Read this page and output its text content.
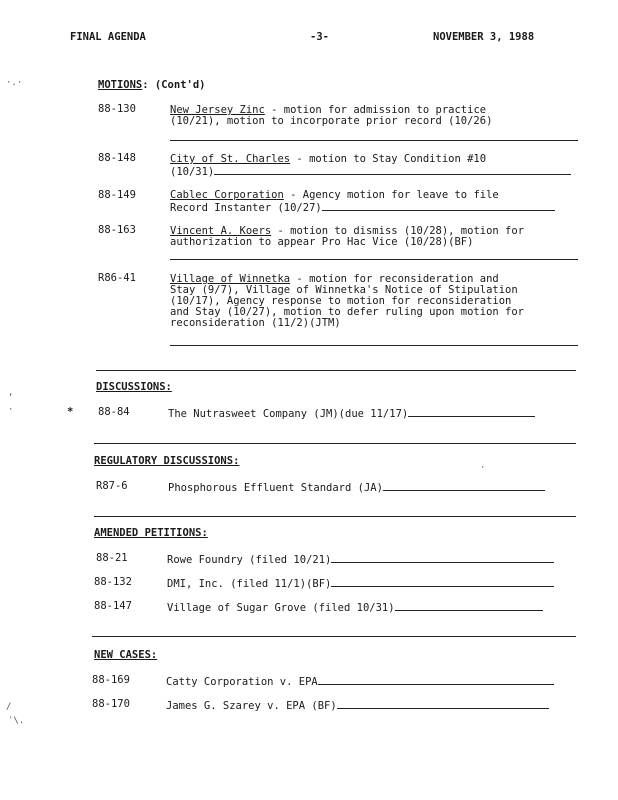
FINAL AGENDA	-3-	NOVEMBER 3, 1988
·.·
,
·
/
ʿ\.
·
MOTIONS: (Cont'd)
88-130	New Jersey Zinc - motion for admission to practice
(10/21), motion to incorporate prior record (10/26)
88-148	City of St. Charles - motion to Stay Condition #10
(10/31)
88-149	Cablec Corporation - Agency motion for leave to file
Record Instanter (10/27)
88-163	Vincent A. Koers - motion to dismiss (10/28), motion for
authorization to appear Pro Hac Vice (10/28)(BF)
R86-41	Village of Winnetka - motion for reconsideration and
Stay (9/7), Village of Winnetka's Notice of Stipulation
(10/17), Agency response to motion for reconsideration
and Stay (10/27), motion to defer ruling upon motion for
reconsideration (11/2)(JTM)
DISCUSSIONS:
* 88-84	The Nutrasweet Company (JM)(due 11/17)
REGULATORY DISCUSSIONS:
R87-6	Phosphorous Effluent Standard (JA)
AMENDED PETITIONS:
88-21	Rowe Foundry (filed 10/21)
88-132	DMI, Inc. (filed 11/1)(BF)
88-147	Village of Sugar Grove (filed 10/31)
NEW CASES:
88-169	Catty Corporation v. EPA
88-170	James G. Szarey v. EPA (BF)
